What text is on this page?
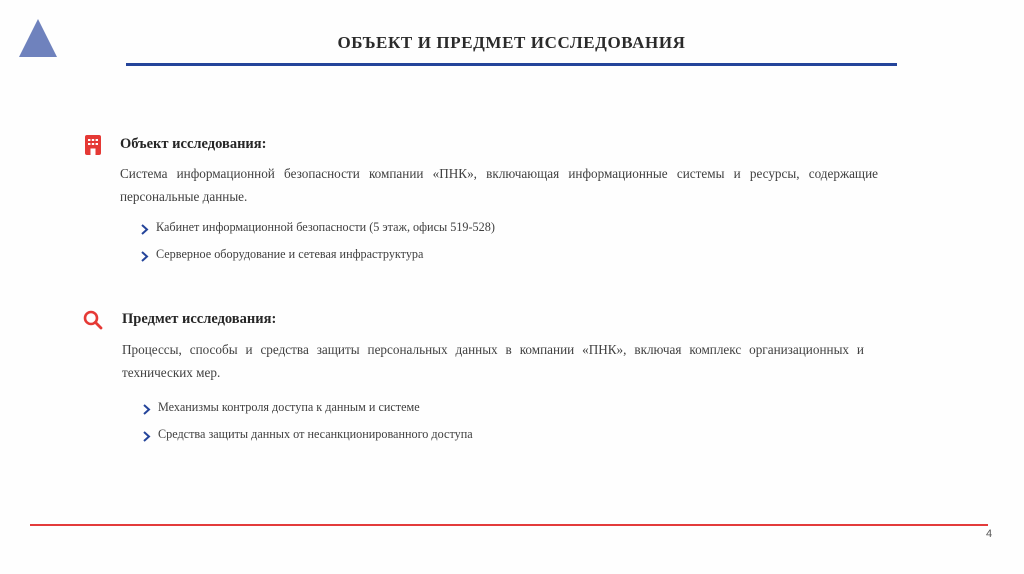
ОБЪЕКТ И ПРЕДМЕТ ИССЛЕДОВАНИЯ
Объект исследования:
Система информационной безопасности компании «ПНК», включающая информационные системы и ресурсы, содержащие персональные данные.
Кабинет информационной безопасности (5 этаж, офисы 519-528)
Серверное оборудование и сетевая инфраструктура
Предмет исследования:
Процессы, способы и средства защиты персональных данных в компании «ПНК», включая комплекс организационных и технических мер.
Механизмы контроля доступа к данным и системе
Средства защиты данных от несанкционированного доступа
4
